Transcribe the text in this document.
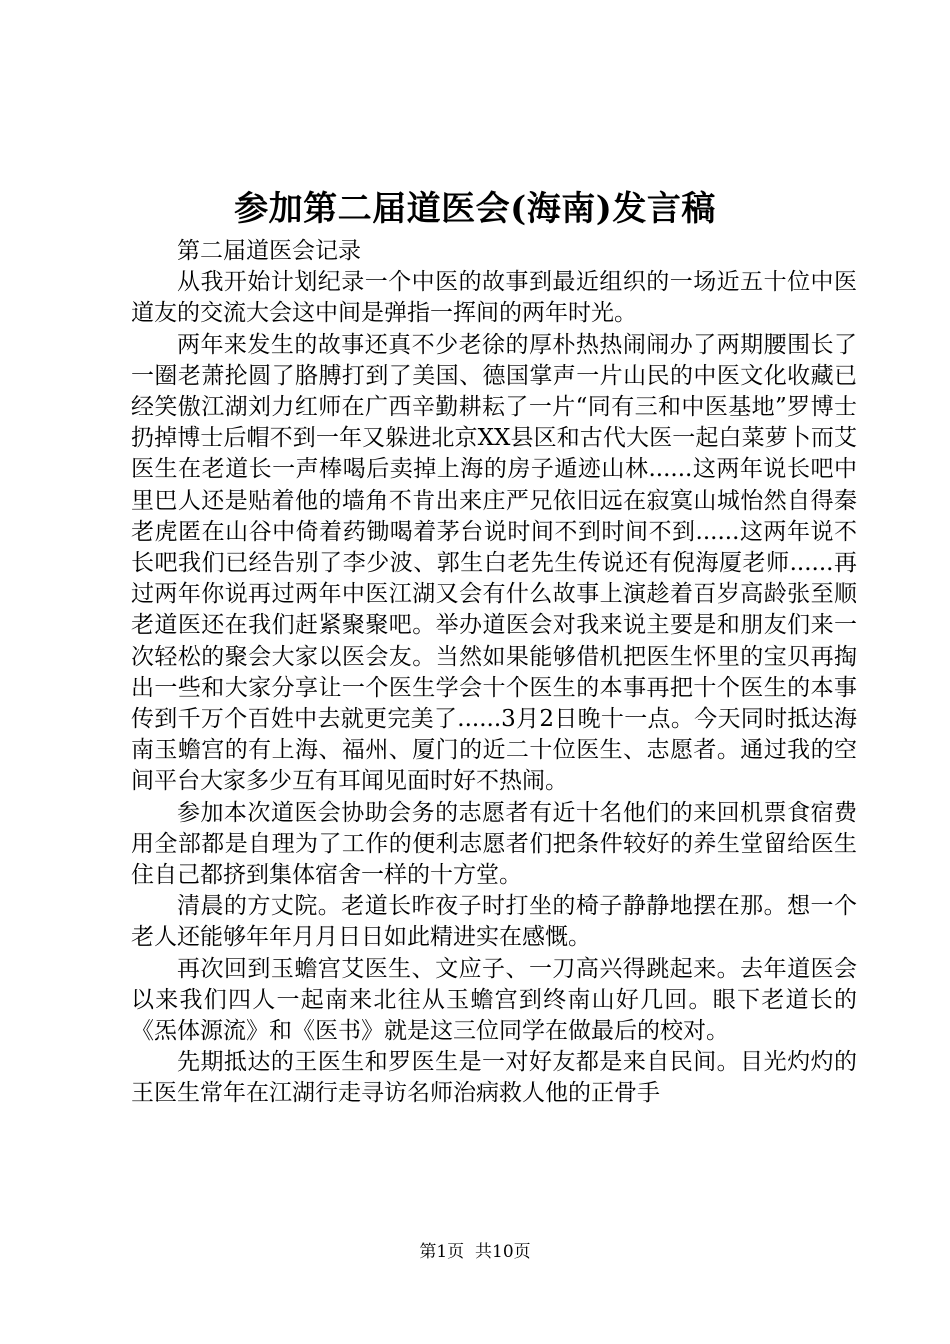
参加第二届道医会(海南)发言稿

第二届道医会记录

从我开始计划纪录一个中医的故事到最近组织的一场近五十位中医道友的交流大会这中间是弹指一挥间的两年时光。

两年来发生的故事还真不少老徐的厚朴热热闹闹办了两期腰围长了一圈老萧抡圆了胳膊打到了美国、德国掌声一片山民的中医文化收藏已经笑傲江湖刘力红师在广西辛勤耕耘了一片“同有三和中医基地”罗博士扔掉博士后帽不到一年又躲进北京XX县区和古代大医一起白菜萝卜而艾医生在老道长一声棒喝后卖掉上海的房子遁迹山林......这两年说长吧中里巴人还是贴着他的墙角不肯出来庄严兄依旧远在寂寞山城怡然自得秦老虎匿在山谷中倚着药锄喝着茅台说时间不到时间不到......这两年说不长吧我们已经告别了李少波、郭生白老先生传说还有倪海厦老师......再过两年你说再过两年中医江湖又会有什么故事上演趁着百岁高龄张至顺老道医还在我们赶紧聚聚吧。举办道医会对我来说主要是和朋友们来一次轻松的聚会大家以医会友。当然如果能够借机把医生怀里的宝贝再掏出一些和大家分享让一个医生学会十个医生的本事再把十个医生的本事传到千万个百姓中去就更完美了......3月2日晚十一点。今天同时抵达海南玉蟾宫的有上海、福州、厦门的近二十位医生、志愿者。通过我的空间平台大家多少互有耳闻见面时好不热闹。

参加本次道医会协助会务的志愿者有近十名他们的来回机票食宿费用全部都是自理为了工作的便利志愿者们把条件较好的养生堂留给医生住自己都挤到集体宿舍一样的十方堂。

清晨的方丈院。老道长昨夜子时打坐的椅子静静地摆在那。想一个老人还能够年年月月日日如此精进实在感慨。

再次回到玉蟾宫艾医生、文应子、一刀高兴得跳起来。去年道医会以来我们四人一起南来北往从玉蟾宫到终南山好几回。眼下老道长的《炁体源流》和《医书》就是这三位同学在做最后的校对。

先期抵达的王医生和罗医生是一对好友都是来自民间。目光灼灼的王医生常年在江湖行走寻访名师治病救人他的正骨手

第1页 共10页
